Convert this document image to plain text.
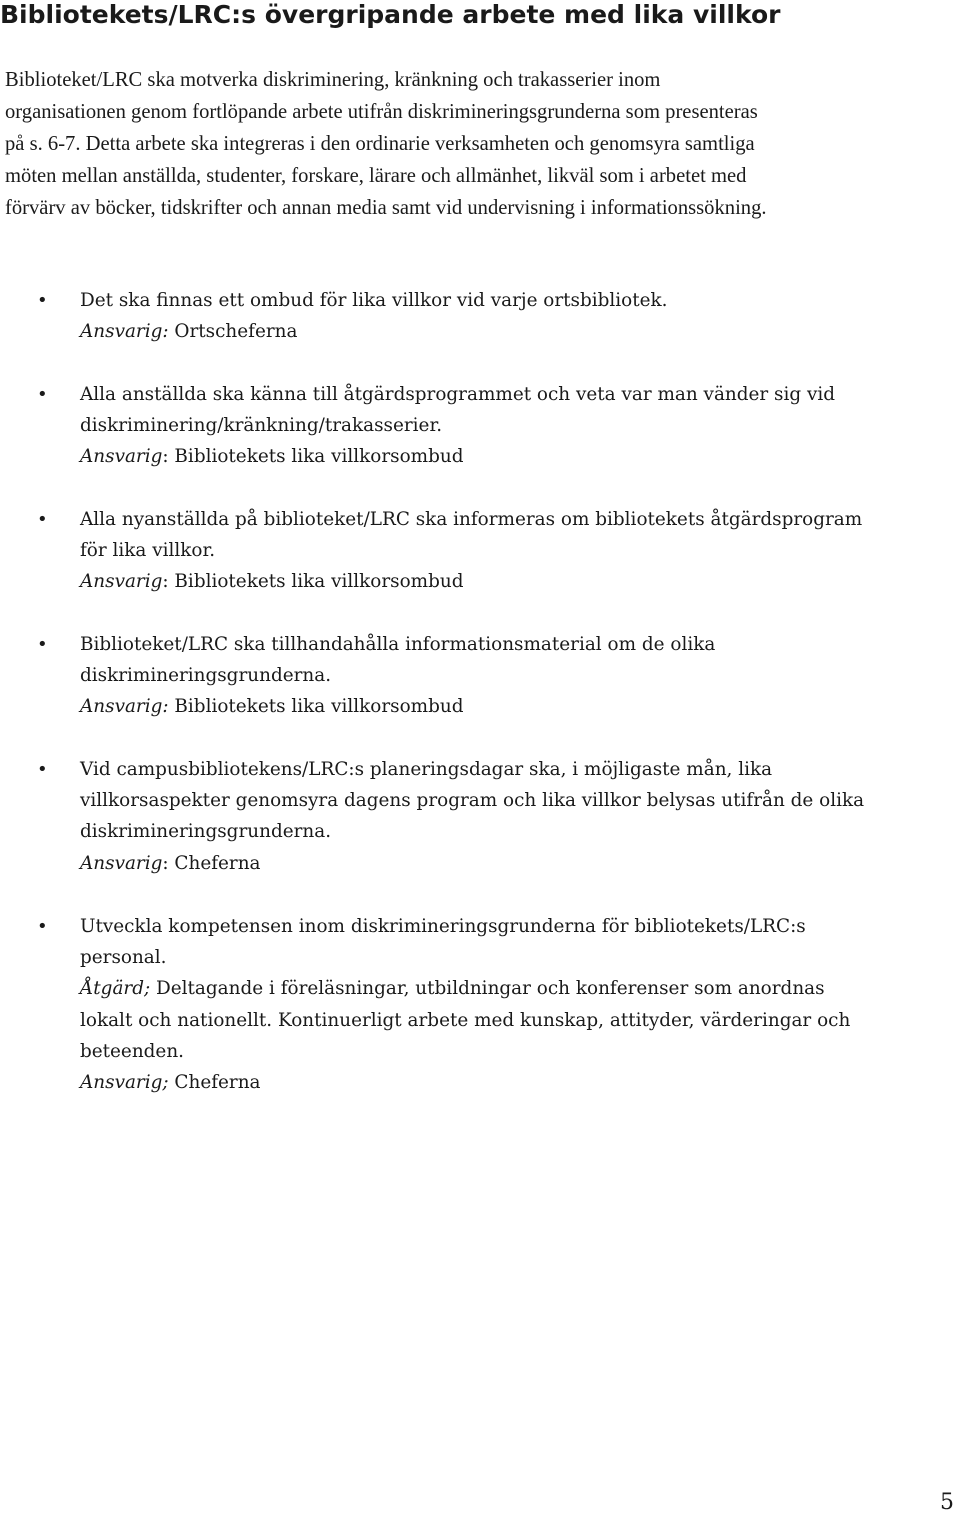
Bibliotekets/LRC:s övergripande arbete med lika villkor

Biblioteket/LRC ska motverka diskriminering, kränkning och trakasserier inom
organisationen genom fortlöpande arbete utifrån diskrimineringsgrunderna som presenteras
på s. 6-7. Detta arbete ska integreras i den ordinarie verksamheten och genomsyra samtliga
möten mellan anställda, studenter, forskare, lärare och allmänhet, likväl som i arbetet med
förvärv av böcker, tidskrifter och annan media samt vid undervisning i informationssökning.

• Det ska finnas ett ombud för lika villkor vid varje ortsbibliotek.
Ansvarig: Ortscheferna
• Alla anställda ska känna till åtgärdsprogrammet och veta var man vänder sig vid
diskriminering/kränkning/trakasserier.
Ansvarig: Bibliotekets lika villkorsombud
• Alla nyanställda på biblioteket/LRC ska informeras om bibliotekets åtgärdsprogram
för lika villkor.
Ansvarig: Bibliotekets lika villkorsombud
• Biblioteket/LRC ska tillhandahålla informationsmaterial om de olika
diskrimineringsgrunderna.
Ansvarig: Bibliotekets lika villkorsombud
• Vid campusbibliotekens/LRC:s planeringsdagar ska, i möjligaste mån, lika
villkorsaspekter genomsyra dagens program och lika villkor belysas utifrån de olika
diskrimineringsgrunderna.
Ansvarig: Cheferna
• Utveckla kompetensen inom diskrimineringsgrunderna för bibliotekets/LRC:s
personal.
Åtgärd; Deltagande i föreläsningar, utbildningar och konferenser som anordnas
lokalt och nationellt. Kontinuerligt arbete med kunskap, attityder, värderingar och
beteenden.
Ansvarig; Cheferna

5
